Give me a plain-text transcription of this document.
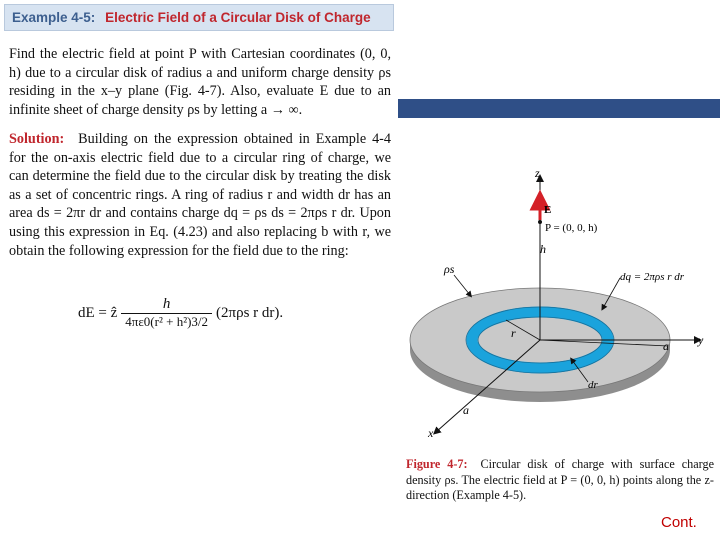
Example 4-5: Electric Field of a Circular Disk of Charge
Find the electric field at point P with Cartesian coordinates (0, 0, h) due to a circular disk of radius a and uniform charge density ρs residing in the x–y plane (Fig. 4-7). Also, evaluate E due to an infinite sheet of charge density ρs by letting a → ∞.
Solution: Building on the expression obtained in Example 4-4 for the on-axis electric field due to a circular ring of charge, we can determine the field due to the circular disk by treating the disk as a set of concentric rings. A ring of radius r and width dr has an area ds = 2πr dr and contains charge dq = ρs ds = 2πρs r dr. Upon using this expression in Eq. (4.23) and also replacing b with r, we obtain the following expression for the field due to the ring:
dE = ẑ $\frac{h}{\text{4πε0(r² + h²)3/2}} (2\pi\rho s$ r dr).
z
y
x
E
P = (0, 0, h)
h
ρs
dq = 2πρs r dr
r
a
dr
a
Figure 4-7: Circular disk of charge with surface charge density ρs. The electric field at P = (0, 0, h) points along the z-direction (Example 4-5).
Cont.
